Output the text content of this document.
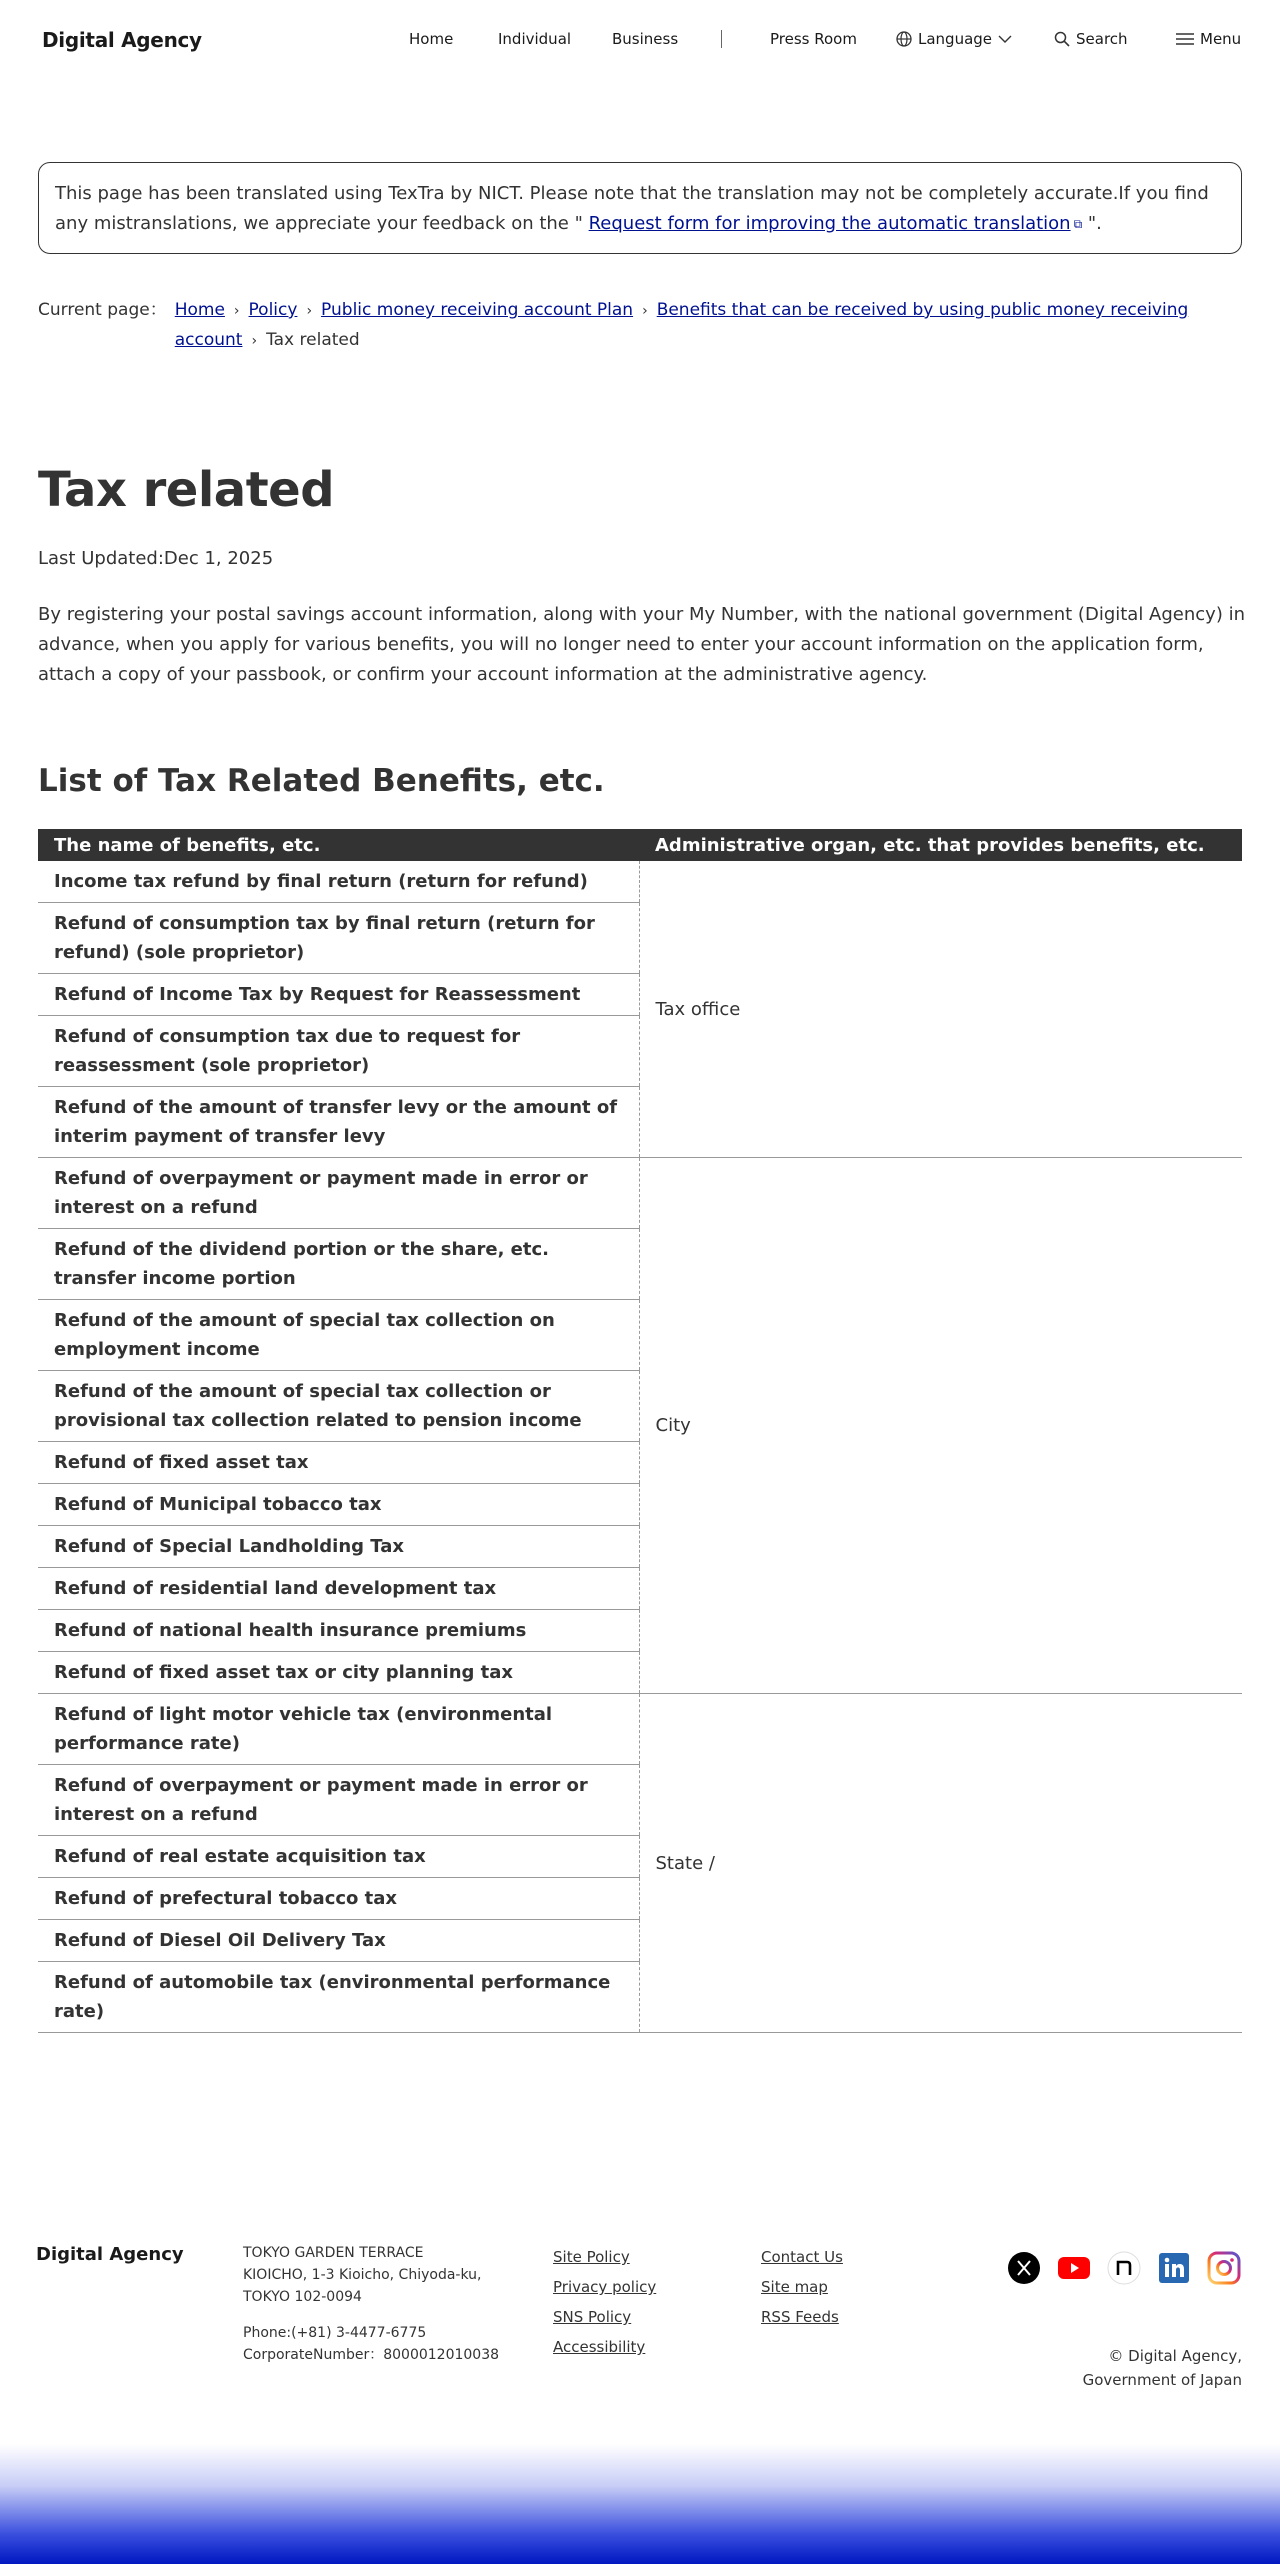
Digital Agency	Home	Individual	Business	Press Room	Language	Search	Menu
This page has been translated using TexTra by NICT. Please note that the translation may not be completely accurate.If you find any mistranslations, we appreciate your feedback on the " Request form for improving the automatic translation ⧉ ".
Current page： Home › Policy › Public money receiving account Plan › Benefits that can be received by using public money receiving account › Tax related
Tax related

Last Updated:Dec 1, 2025

By registering your postal savings account information, along with your My Number, with the national government (Digital Agency) in advance, when you apply for various benefits, you will no longer need to enter your account information on the application form, attach a copy of your passbook, or confirm your account information at the administrative agency.

List of Tax Related Benefits, etc.
The name of benefits, etc.	Administrative organ, etc. that provides benefits, etc.
Income tax refund by final return (return for refund)	Tax office
Refund of consumption tax by final return (return for refund) (sole proprietor)	
Refund of Income Tax by Request for Reassessment	
Refund of consumption tax due to request for reassessment (sole proprietor)	
Refund of the amount of transfer levy or the amount of interim payment of transfer levy	
Refund of overpayment or payment made in error or interest on a refund	City
Refund of the dividend portion or the share, etc. transfer income portion	
Refund of the amount of special tax collection on employment income	
Refund of the amount of special tax collection or provisional tax collection related to pension income	
Refund of fixed asset tax	
Refund of Municipal tobacco tax	
Refund of Special Landholding Tax	
Refund of residential land development tax	
Refund of national health insurance premiums	
Refund of fixed asset tax or city planning tax	
Refund of light motor vehicle tax (environmental performance rate)	State /
Refund of overpayment or payment made in error or interest on a refund	
Refund of real estate acquisition tax	
Refund of prefectural tobacco tax	
Refund of Diesel Oil Delivery Tax	
Refund of automobile tax (environmental performance rate)	
Digital Agency	TOKYO GARDEN TERRACE
KIOICHO, 1-3 Kioicho, Chiyoda-ku,
TOKYO 102-0094
Phone:(+81) 3-4477-6775
CorporateNumber：8000012010038
Site Policy
Privacy policy
SNS Policy
Accessibility
Contact Us
Site map
RSS Feeds
© Digital Agency,
Government of Japan
